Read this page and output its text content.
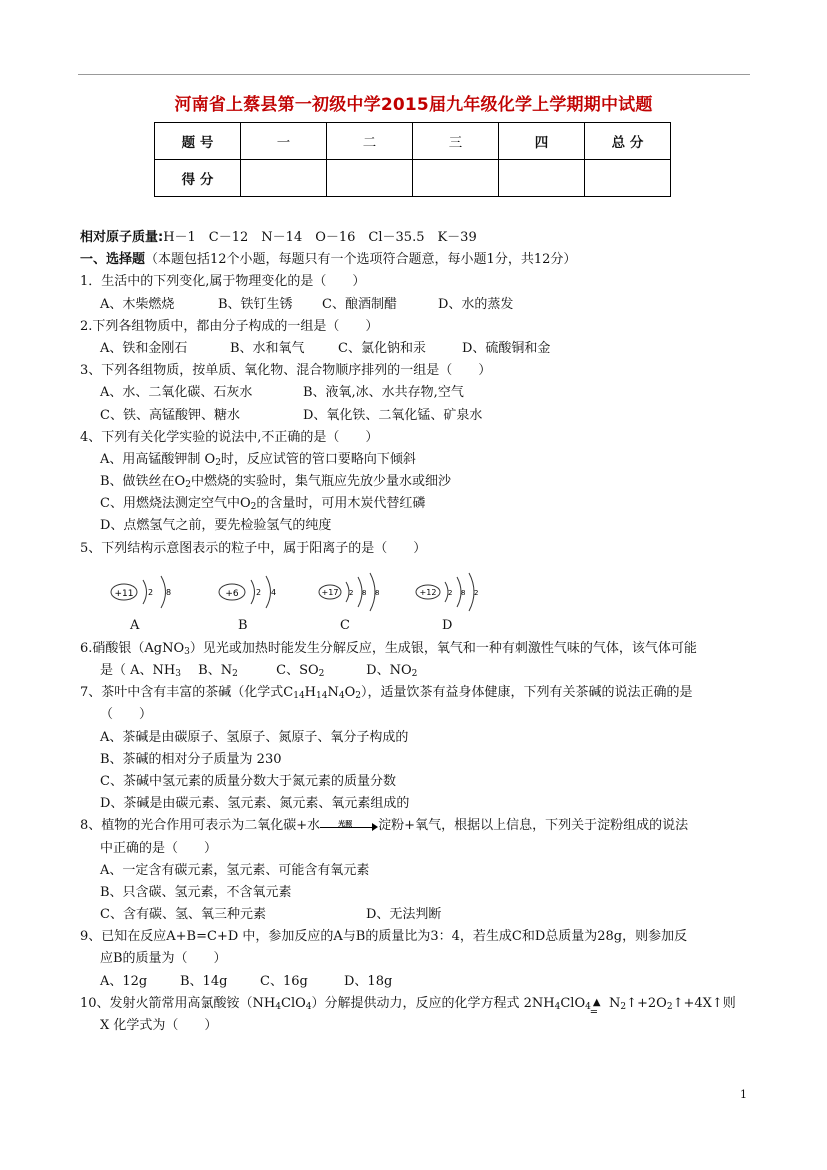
河南省上蔡县第一初级中学2015届九年级化学上学期期中试题
题 号	一	二	三	四	总 分
得 分					
相对原子质量:H－1　C－12　N－14　O－16　Cl－35.5　K－39
一、选择题（本题包括12个小题，每题只有一个选项符合题意，每小题1分，共12分）
1．生活中的下列变化,属于物理变化的是（　　）
A、木柴燃烧	B、铁钉生锈 C、酿酒制醋	D、水的蒸发
2.下列各组物质中，都由分子构成的一组是（　　）
A、铁和金刚石	B、水和氧气	C、氯化钠和汞	D、硫酸铜和金
3、下列各组物质，按单质、氧化物、混合物顺序排列的一组是（　　）
A、水、二氧化碳、石灰水	B、液氧,冰、水共存物,空气
C、铁、高锰酸钾、糖水	D、氧化铁、二氧化锰、矿泉水
4、下列有关化学实验的说法中,不正确的是（　　）
A、用高锰酸钾制 $O_2$时，反应试管的管口要略向下倾斜
B、做铁丝在$O_2$中燃烧的实验时，集气瓶应先放少量水或细沙
C、用燃烧法测定空气中$O_2$的含量时，可用木炭代替红磷
D、点燃氢气之前，要先检验氢气的纯度
5、下列结构示意图表示的粒子中，属于阳离子的是（　　）
+11 2 8
A
+6 2 4
B
+17 2 8 8
C
+12 2 8 2
D
6.硝酸银（AgNO$_3$）见光或加热时能发生分解反应，生成银，氧气和一种有刺激性气味的气体，该气体可能
是（ A、$NH_3$ B、$N_2$	C、$SO_2$	D、$NO_2$
7、茶叶中含有丰富的茶碱（化学式$C_{14}H_{14}N_4O_2$），适量饮茶有益身体健康，下列有关茶碱的说法正确的是
（　　）
A、茶碱是由碳原子、氢原子、氮原子、氧分子构成的
B、茶碱的相对分子质量为 230
C、茶碱中氢元素的质量分数大于氮元素的质量分数
D、茶碱是由碳元素、氢元素、氮元素、氧元素组成的
8、植物的光合作用可表示为二氧化碳+水	光照 淀粉+氧气，根据以上信息，下列关于淀粉组成的说法
中正确的是（　　）
A、一定含有碳元素，氢元素、可能含有氧元素
B、只含碳、氢元素，不含氧元素
C、含有碳、氢、氧三种元素	D、无法判断
9、已知在反应A+B=C+D 中，参加反应的A与B的质量比为3：4，若生成C和D总质量为28g，则参加反
应B的质量为（　　）
A、12g	B、14g	C、16g	D、18g
10、发射火箭常用高氯酸铵$(NH_4ClO_4)$分解提供动力，反应的化学方程式 $2NH_4ClO_4$ ▲
═
$N_2↑+2O_2↑+4X↑$则
X 化学式为（　　）
1
